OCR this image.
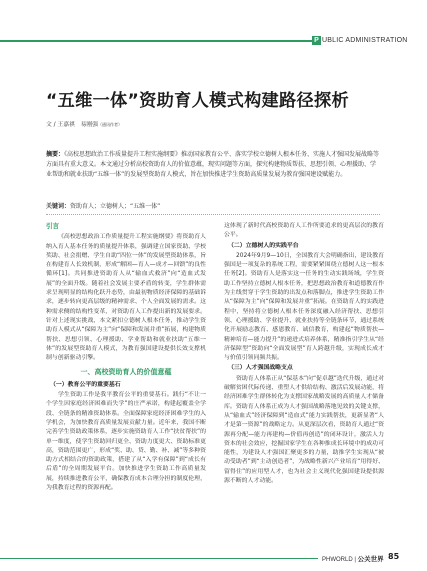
P UBLIC ADMINISTRATION
“五维一体”资助育人模式构建路径探析
文 / 王嘉祺　易刚强（通讯作者）
摘要：《高校思想政治工作质量提升工程实施纲要》推动国家教育公平、落实学校立德树人根本任务、实施人才强国发展战略等方面具有重大意义。本文通过分析高校资助育人的价值意蕴，现实问题等方面，探究构建物质帮扶、思想引领、心理援助、学业帮助和就业扶助“五维一体”的发展型资助育人模式，旨在加快推进学生资助高质量发展为教育强国建设赋能力。
关键词：资助育人；立德树人；“五维一体”

引言

《高校思想政治工作质量提升工程实施纲要》将资助育人纳入育人基本任务的质量提升体系，强调建立国家资助、学校奖助、社会捐赠、学生自助“四位一体”的发展型资助体系，旨在构建育人长效机制，形成“解困—育人—成才—回馈”的良性循环[1]。共同推进资助育人从“输血式救济”向“造血式发展”的全面升级。随着社会发展主要矛盾的转变，学生群体需求呈现明显的结构化跃升态势，由最初物质经济保障的基础诉求，逐步转向更高层级的精神需求、个人全面发展的需求。这种需求侧的结构性变革，对资助育人工作提出新的发展要求。针对上述现实挑战，本文紧扣立德树人根本任务，推动学生资助育人模式从“保障为主”向“保障和发展并重”拓展，构建物质帮扶、思想引领、心理援助、学业帮助和就业扶助“五维一体”的发展型资助育人模式，为教育强国建设提供长效支撑机制与创新驱动引擎。

一、高校资助育人的价值意蕴

（一）教育公平的重要基石

学生资助工作是我平教育公平的重要基石。践行“不让一个学生因家庭经济困难而失学”的庄严承诺，构建起覆盖全学段、全链条的精准资助体系。全面保障家庭经济困难学生的入学机会，为加快教育高质量发展贡献力量。近年来，我国不断完善学生资助政策体系，逐步实施资助育人工作“扶贫帮扶”的单一维度，使学生资助回归更全、资助力度更大、资助标准更高，资助范围更广，形成“奖、助、贷、勤、补、减”等多种资助方式相结合的资助政策，搭建了从“入学有保障”到“成长有后盾”的全周期发展平台。加快推进学生资助工作高质量发展，持续推进教育公平，确保教育成本合理分担的制度伦理，为我教育过程的资源再配。

这体现了新时代高校资助育人工作所要追求的更高层次的教育公平。

（二）立德树人的实践平台

2024年9月9—10日，全国教育大会明确指出，建设教育强国是一项复杂的系统工程，需要紧紧围绕立德树人这一根本任务[2]。资助育人是落实这一任务的生动实践场域，学生资助工作坚持立德树人根本任务，把思想政治教育和道德教育作为主线贯穿于学生资助的出发点和落脚点，推进学生资助工作从“保障为主”向“保障和发展并重”拓展。在资助育人的实践进程中，坚持将立德树人根本任务深度融入经济帮扶、思想引领、心理援助、学业提升、就业扶持等全链条环节，通过系统化开展励志教育、感恩教育、诚信教育，构建起“物质帮扶—精神培育—能力提升”的递进式培养体系，精准指引学生从“经济保障型”资助向“全面发展型”育人跨越升级，实现成长成才与价值引领同频共振。

（三）人才强国战略支点

资助育人体系正从“保基本”向“促卓越”迭代升级，通过对破解贫困代际传递、重塑人才供给结构、激活后发展动能，将经济困难学生群体转化为支撑国家战略发展的高质量人才储备库。资助育人体系正成为人才强国战略落地见效的关键支撑，从“输血式”经济保障到“造血式”能力实践帮扶，更新显著“人才是第一资源”的战略定力。从更深层次看，资助育人通过“资源再分配—能力再建构—价值再创造”的闭环设计，激活人力资本的社会效应，挖掘国家学生在各种推成长环境中的成功可能性，为建设人才强国汇聚更多的力量，助推学生实现从“被动受助者”到“主动创造者”，为战略性新兴产业培育“用得好、留得住”的应用型人才，也为社会主义现代化强国建设提供源源不断的人才动能。

PHWORLD | 公关世界 85
